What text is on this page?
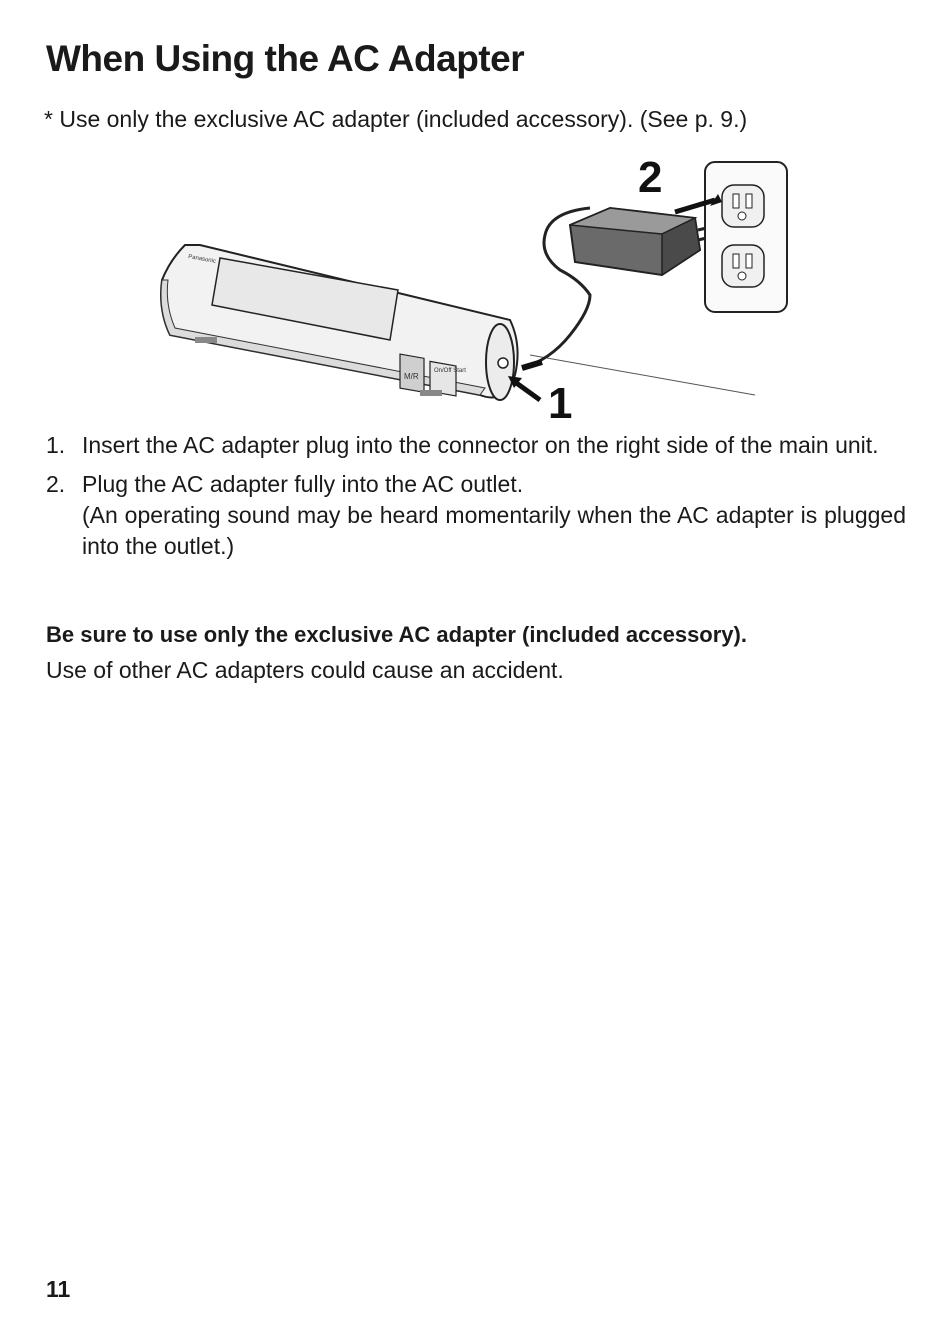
When Using the AC Adapter
* Use only the exclusive AC adapter (included accessory). (See p. 9.)
M/R
On/Off Start
Panasonic
2
1
1. Insert the AC adapter plug into the connector on the right side of the main unit.
2. Plug the AC adapter fully into the AC outlet.
(An operating sound may be heard momentarily when the AC adapter is plugged into the outlet.)
Be sure to use only the exclusive AC adapter (included accessory).
Use of other AC adapters could cause an accident.
11
